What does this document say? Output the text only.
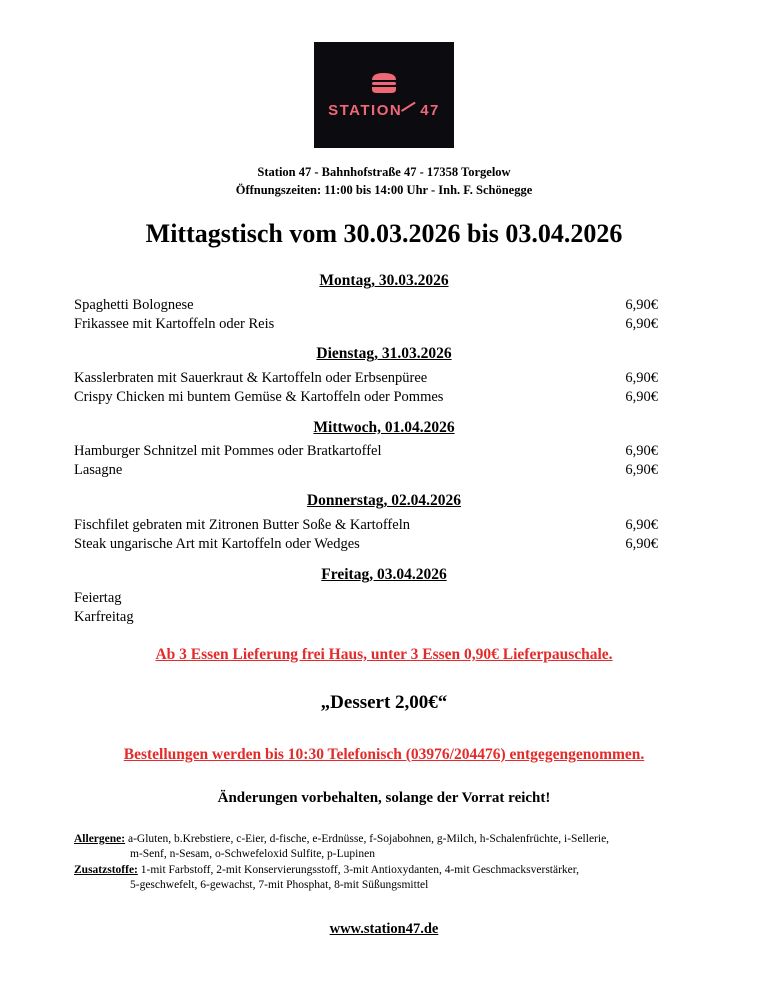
STATION 47
Station 47 - Bahnhofstraße 47 - 17358 Torgelow
Öffnungszeiten: 11:00 bis 14:00 Uhr - Inh. F. Schönegge
Mittagstisch vom 30.03.2026 bis 03.04.2026
Montag, 30.03.2026
Spaghetti Bolognese	6,90€
Frikassee mit Kartoffeln oder Reis	6,90€
Dienstag, 31.03.2026
Kasslerbraten mit Sauerkraut & Kartoffeln oder Erbsenpüree	6,90€
Crispy Chicken mi buntem Gemüse & Kartoffeln oder Pommes	6,90€
Mittwoch, 01.04.2026
Hamburger Schnitzel mit Pommes oder Bratkartoffel	6,90€
Lasagne	6,90€
Donnerstag, 02.04.2026
Fischfilet gebraten mit Zitronen Butter Soße & Kartoffeln	6,90€
Steak ungarische Art mit Kartoffeln oder Wedges	6,90€
Freitag, 03.04.2026
Feiertag
Karfreitag
Ab 3 Essen Lieferung frei Haus, unter 3 Essen 0,90€ Lieferpauschale.
„Dessert 2,00€“
Bestellungen werden bis 10:30 Telefonisch (03976/204476) entgegengenommen.
Änderungen vorbehalten, solange der Vorrat reicht!
Allergene: a-Gluten, b.Krebstiere, c-Eier, d-fische, e-Erdnüsse, f-Sojabohnen, g-Milch, h-Schalenfrüchte, i-Sellerie,
m-Senf, n-Sesam, o-Schwefeloxid Sulfite, p-Lupinen
Zusatzstoffe: 1-mit Farbstoff, 2-mit Konservierungsstoff, 3-mit Antioxydanten, 4-mit Geschmacksverstärker,
5-geschwefelt, 6-gewachst, 7-mit Phosphat, 8-mit Süßungsmittel
www.station47.de
